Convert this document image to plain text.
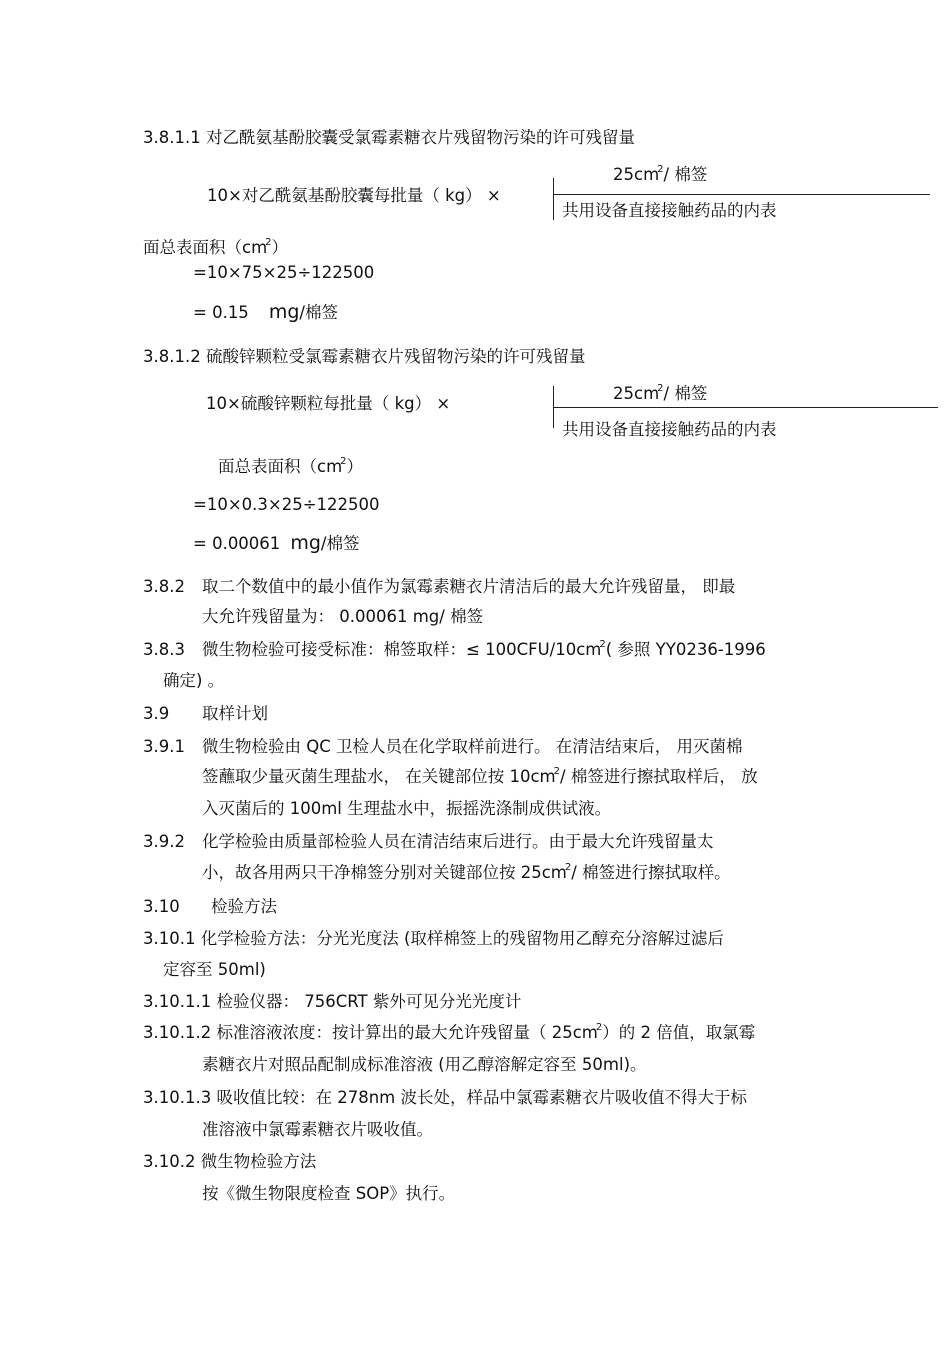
3.8.1.1 对乙酰氨基酚胶囊受氯霉素糖衣片残留物污染的许可残留量
10×对乙酰氨基酚胶囊每批量（ kg） ×
$25cm^2/$ 棉签
共用设备直接接触药品的内表
面总表面积$(cm^2)$
=10×75×25÷122500
= 0.15 mg/棉签
3.8.1.2 硫酸锌颗粒受氯霉素糖衣片残留物污染的许可残留量
10×硫酸锌颗粒每批量（ kg） ×
$25cm^2/$ 棉签
共用设备直接接触药品的内表
面总表面积$(cm^2)$
=10×0.3×25÷122500
= 0.00061 mg/棉签
3.8.2 取二个数值中的最小值作为氯霉素糖衣片清洁后的最大允许残留量， 即最
大允许残留量为： 0.00061 mg/ 棉签
3.8.3 微生物检验可接受标准：棉签取样：≤ $100CFU/10cm^2$( 参照 YY0236-1996
确定) 。
3.9 取样计划
3.9.1 微生物检验由 QC 卫检人员在化学取样前进行。 在清洁结束后， 用灭菌棉
签蘸取少量灭菌生理盐水， 在关键部位按 $10cm^2/$ 棉签进行擦拭取样后， 放
入灭菌后的 100ml 生理盐水中，振摇洗涤制成供试液。
3.9.2 化学检验由质量部检验人员在清洁结束后进行。由于最大允许残留量太
小，故各用两只干净棉签分别对关键部位按 $25cm^2/$ 棉签进行擦拭取样。
3.10 检验方法
3.10.1 化学检验方法：分光光度法 (取样棉签上的残留物用乙醇充分溶解过滤后
定容至 50ml)
3.10.1.1 检验仪器： 756CRT 紫外可见分光光度计
3.10.1.2 标准溶液浓度：按计算出的最大允许残留量（ $25cm^2$）的 2 倍值，取氯霉
素糖衣片对照品配制成标准溶液 (用乙醇溶解定容至 50ml)。
3.10.1.3 吸收值比较：在 278nm 波长处，样品中氯霉素糖衣片吸收值不得大于标
准溶液中氯霉素糖衣片吸收值。
3.10.2 微生物检验方法
按《微生物限度检查 SOP》执行。
